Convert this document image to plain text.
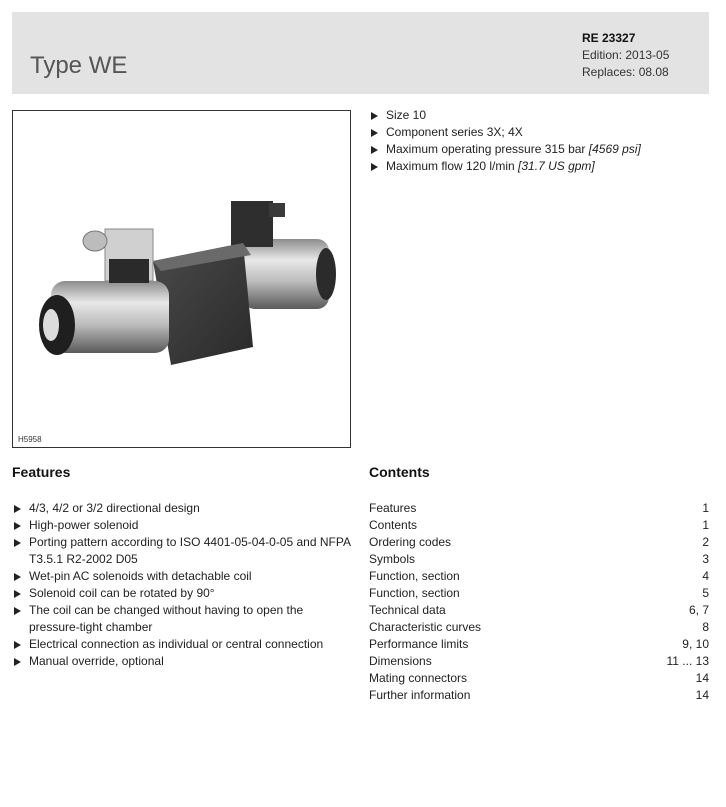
Type WE
RE 23327
Edition: 2013-05
Replaces: 08.08
H5958
Size 10
Component series 3X; 4X
Maximum operating pressure 315 bar [4569 psi]
Maximum flow 120 l/min [31.7 US gpm]
Features	Contents
4/3, 4/2 or 3/2 directional design
High-power solenoid
Porting pattern according to ISO 4401-05-04-0-05 and NFPA T3.5.1 R2-2002 D05
Wet-pin AC solenoids with detachable coil
Solenoid coil can be rotated by 90°
The coil can be changed without having to open the pressure-tight chamber
Electrical connection as individual or central connection
Manual override, optional
Features	1
Contents	1
Ordering codes	2
Symbols	3
Function, section	4
Function, section	5
Technical data	6, 7
Characteristic curves	8
Performance limits	9, 10
Dimensions	11 ... 13
Mating connectors	14
Further information	14
